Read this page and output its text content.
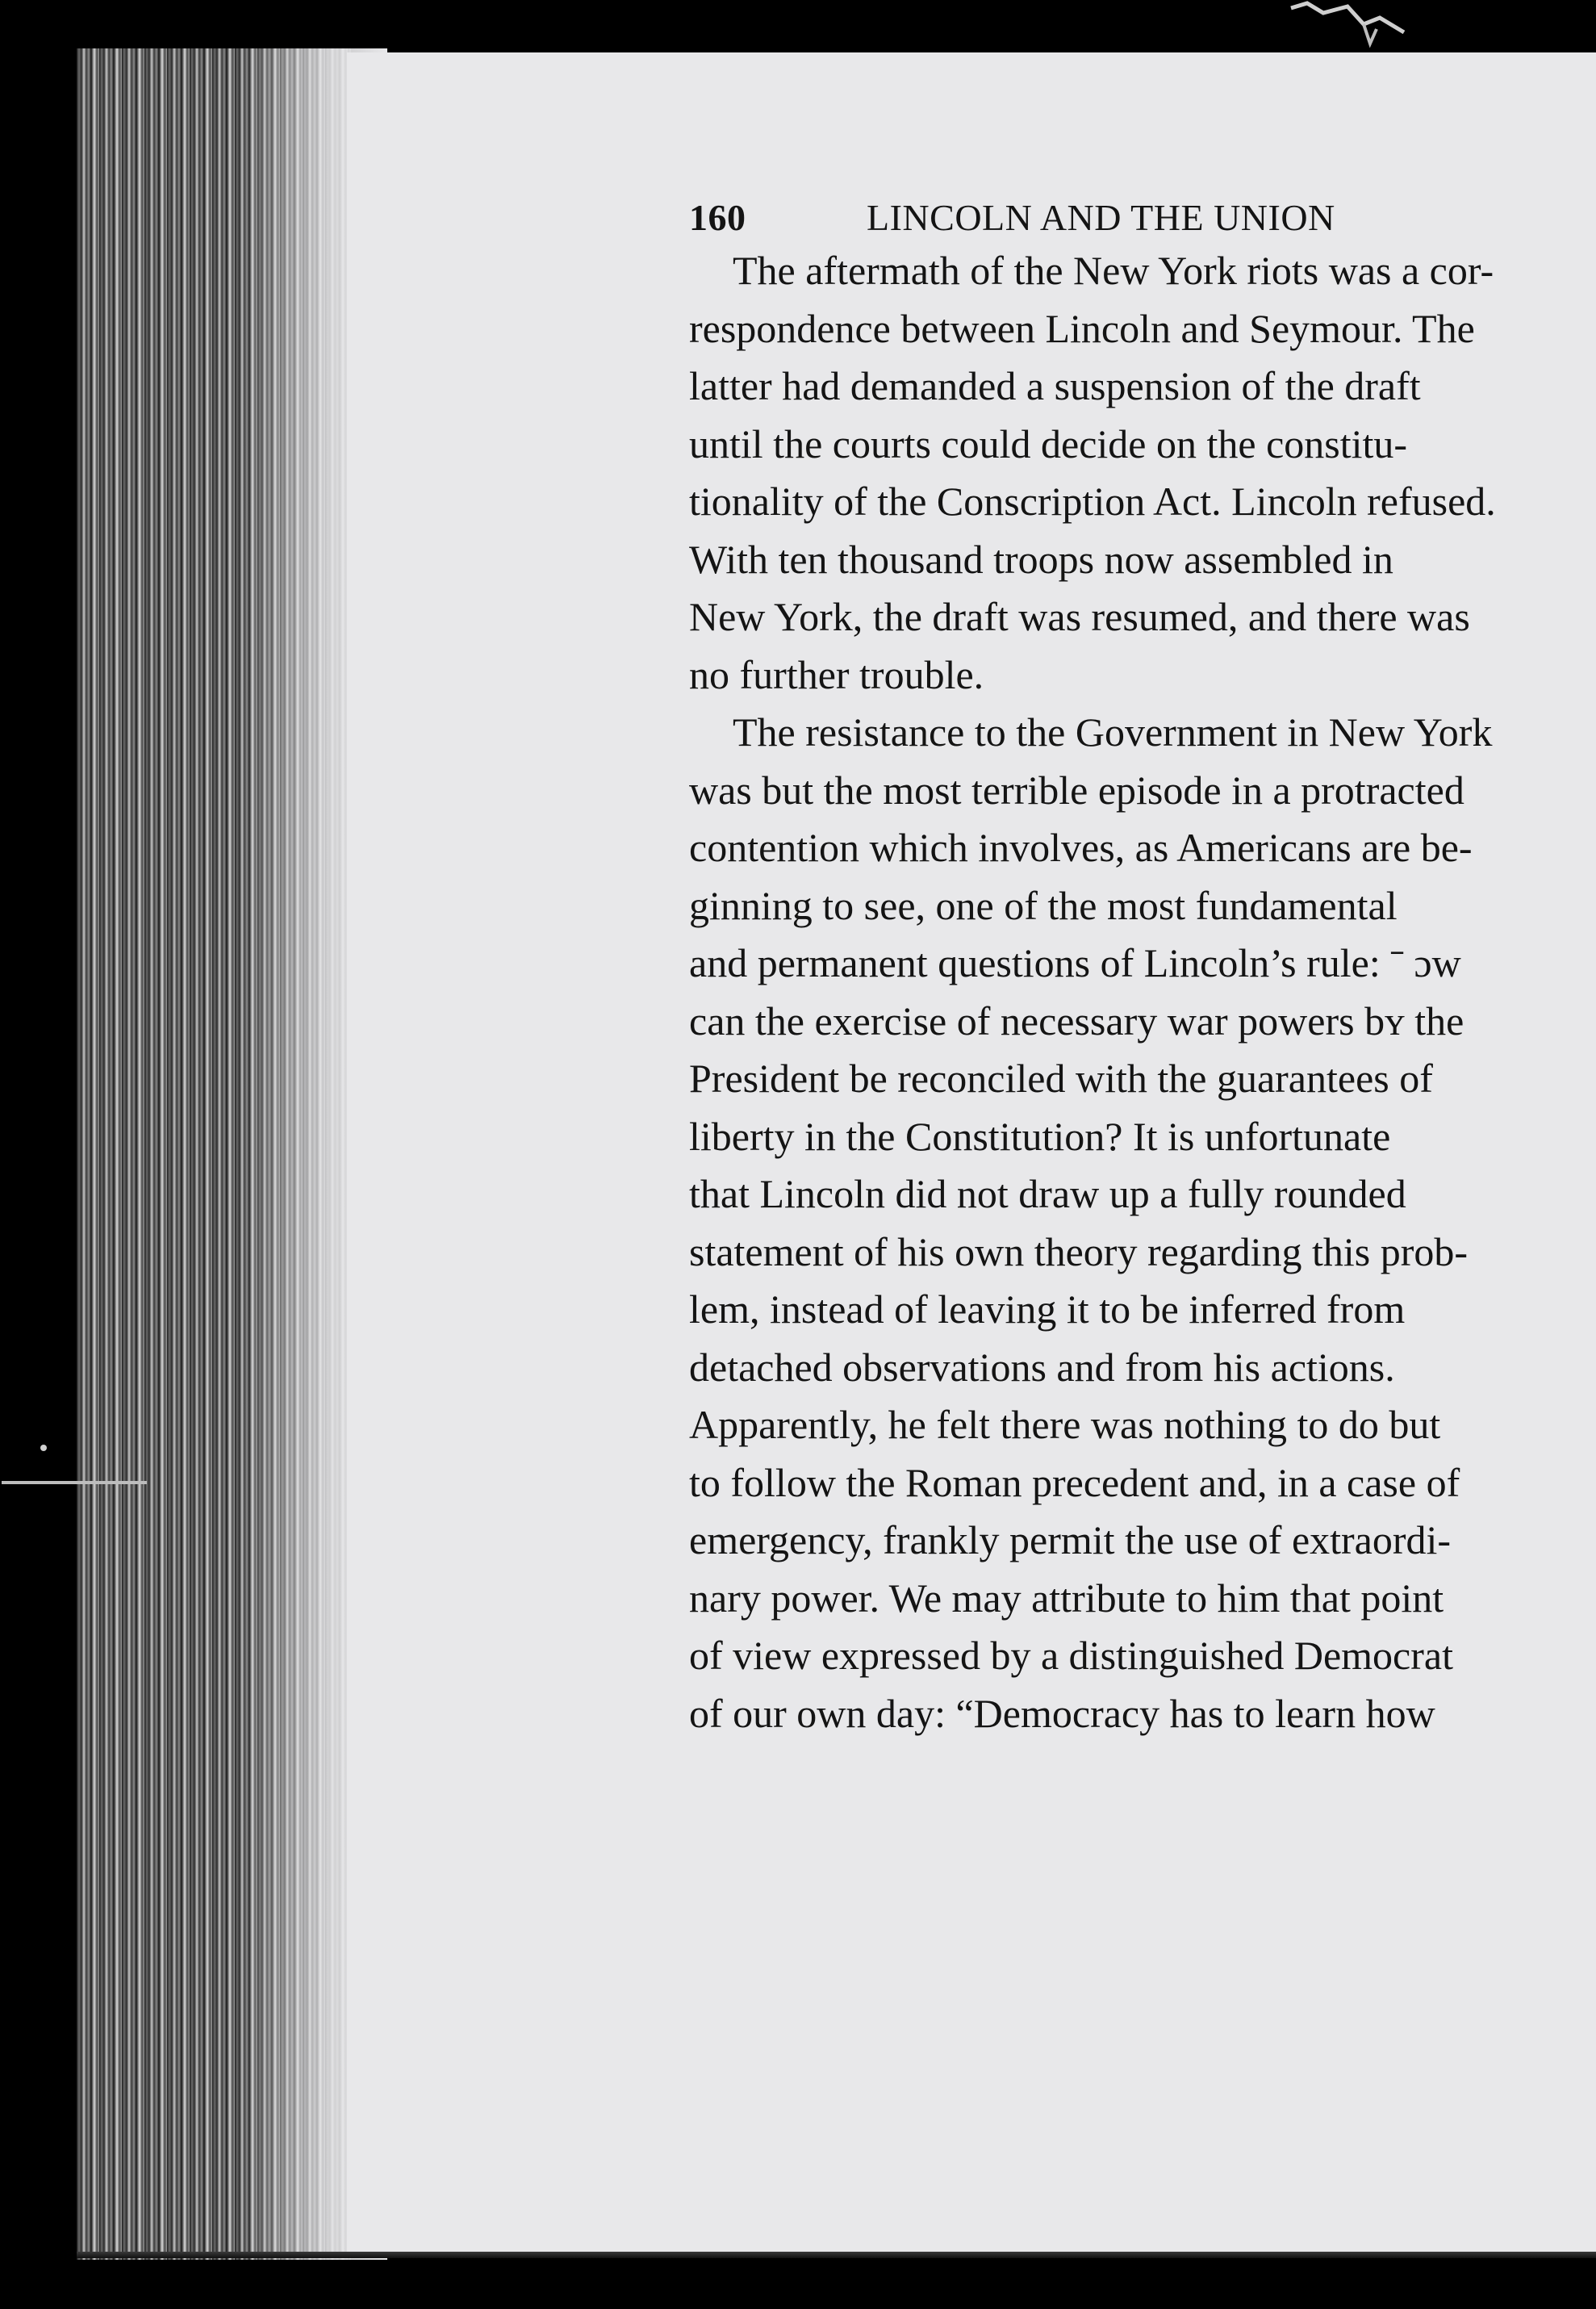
160	LINCOLN AND THE UNION
The aftermath of the New York riots was a cor-
respondence between Lincoln and Seymour. The
latter had demanded a suspension of the draft
until the courts could decide on the constitu-
tionality of the Conscription Act. Lincoln refused.
With ten thousand troops now assembled in
New York, the draft was resumed, and there was
no further trouble.
The resistance to the Government in New York
was but the most terrible episode in a protracted
contention which involves, as Americans are be-
ginning to see, one of the most fundamental
and permanent questions of Lincoln’s rule: ˉ ɔw
can the exercise of necessary war powers bʏ the
President be reconciled with the guarantees of
liberty in the Constitution? It is unfortunate
that Lincoln did not draw up a fully rounded
statement of his own theory regarding this prob-
lem, instead of leaving it to be inferred from
detached observations and from his actions.
Apparently, he felt there was nothing to do but
to follow the Roman precedent and, in a case of
emergency, frankly permit the use of extraordi-
nary power. We may attribute to him that point
of view expressed by a distinguished Democrat
of our own day: “Democracy has to learn how
